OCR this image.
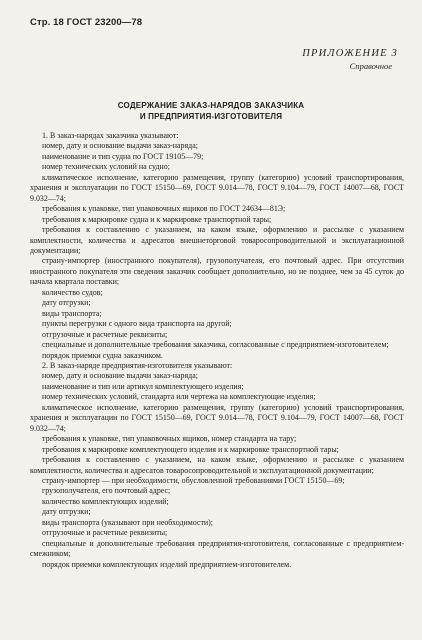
Стр. 18 ГОСТ 23200—78
ПРИЛОЖЕНИЕ 3
Справочное
СОДЕРЖАНИЕ ЗАКАЗ-НАРЯДОВ ЗАКАЗЧИКА
И ПРЕДПРИЯТИЯ-ИЗГОТОВИТЕЛЯ

1. В заказ-нарядах заказчика указывают:

номер, дату и основание выдачи заказ-наряда;

наименование и тип судна по ГОСТ 19105—79;

номер технических условий на судно;

климатическое исполнение, категорию размещения, группу (категорию) условий транспортирования, хранения и эксплуатации по ГОСТ 15150—69, ГОСТ 9.014—78, ГОСТ 9.104—79, ГОСТ 14007—68, ГОСТ 9.032—74;

требования к упаковке, тип упаковочных ящиков по ГОСТ 24634—81Э;

требования к маркировке судна и к маркировке транспортной тары;

требования к составлению с указанием, на каком языке, оформлению и рассылке с указанием комплектности, количества и адресатов внешнеторговой товаросопроводительной и эксплуатационной документации;

страну-импортер (иностранного покупателя), грузополучателя, его почтовый адрес. При отсутствии иностранного покупателя эти сведения заказчик сообщает дополнительно, но не позднее, чем за 45 суток до начала квартала поставки;

количество судов;

дату отгрузки;

виды транспорта;

пункты перегрузки с одного вида транспорта на другой;

отгрузочные и расчетные реквизиты;

специальные и дополнительные требования заказчика, согласованные с предприятием-изготовителем;

порядок приемки судна заказчиком.

2. В заказ-наряде предприятия-изготовителя указывают:

номер, дату и основание выдачи заказ-наряда;

наименование и тип или артикул комплектующего изделия;

номер технических условий, стандарта или чертежа на комплектующие изделия;

климатическое исполнение, категорию размещения, группу (категорию) условий транспортирования, хранения и эксплуатации по ГОСТ 15150—69, ГОСТ 9.014—78, ГОСТ 9.104—79, ГОСТ 14007—68, ГОСТ 9.032—74;

требования к упаковке, тип упаковочных ящиков, номер стандарта на тару;

требования к маркировке комплектующего изделия и к маркировке транспортной тары;

требования к составлению с указанием, на каком языке, оформлению и рассылке с указанием комплектности, количества и адресатов товаросопроводительной и эксплуатационной документации;

страну-импортер — при необходимости, обусловленной требованиями ГОСТ 15150—69;

грузополучателя, его почтовый адрес;

количество комплектующих изделий;

дату отгрузки;

виды транспорта (указывают при необходимости);

отгрузочные и расчетные реквизиты;

специальные и дополнительные требования предприятия-изготовителя, согласованные с предприятием-смежником;

порядок приемки комплектующих изделий предприятием-изготовителем.
